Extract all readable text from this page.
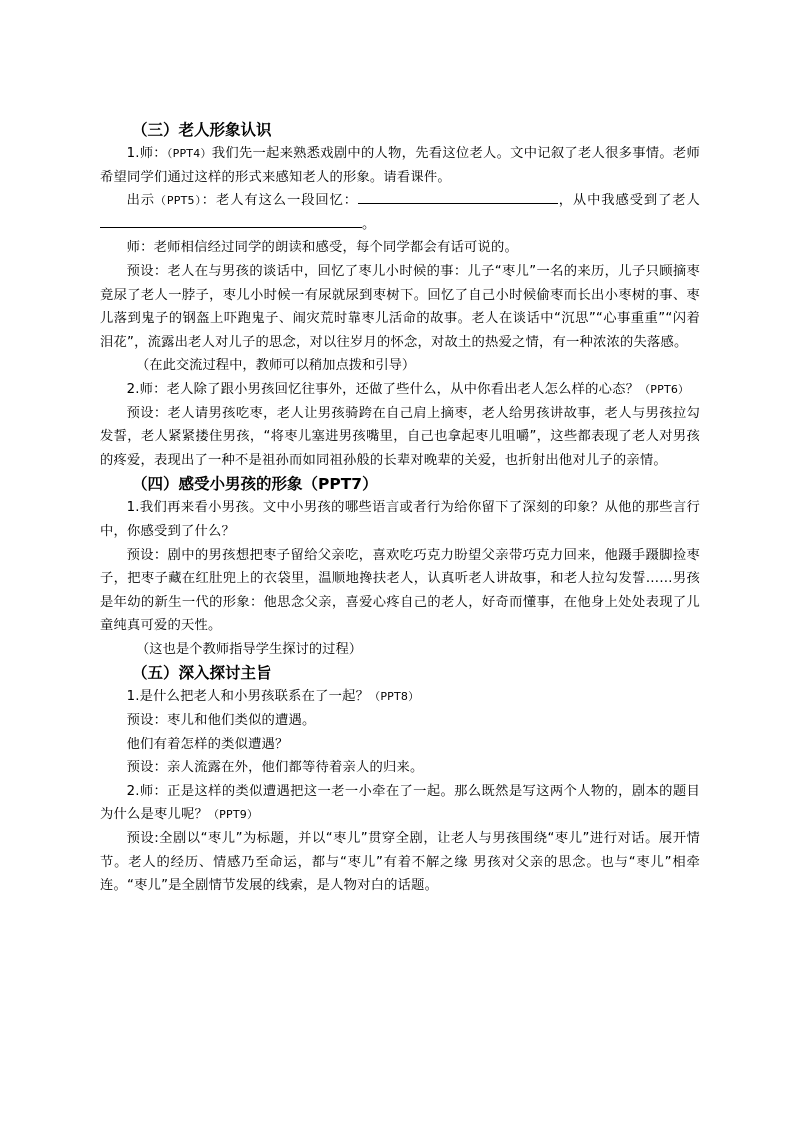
（三）老人形象认识

1.师：（PPT4）我们先一起来熟悉戏剧中的人物，先看这位老人。文中记叙了老人很多事情。老师希望同学们通过这样的形式来感知老人的形象。请看课件。

出示（PPT5）：老人有这么一段回忆：	，从中我感受到了老人。

师：老师相信经过同学的朗读和感受，每个同学都会有话可说的。

预设：老人在与男孩的谈话中，回忆了枣儿小时候的事：儿子“枣儿”一名的来历，儿子只顾摘枣竟尿了老人一脖子，枣儿小时候一有尿就尿到枣树下。回忆了自己小时候偷枣而长出小枣树的事、枣儿落到鬼子的钢盔上吓跑鬼子、闹灾荒时靠枣儿活命的故事。老人在谈话中“沉思”“心事重重”“闪着泪花”，流露出老人对儿子的思念，对以往岁月的怀念，对故土的热爱之情，有一种浓浓的失落感。

（在此交流过程中，教师可以稍加点拨和引导）

2.师：老人除了跟小男孩回忆往事外，还做了些什么，从中你看出老人怎么样的心态？（PPT6）

预设：老人请男孩吃枣，老人让男孩骑跨在自己肩上摘枣，老人给男孩讲故事，老人与男孩拉勾发誓，老人紧紧搂住男孩，“将枣儿塞进男孩嘴里，自己也拿起枣儿咀嚼”，这些都表现了老人对男孩的疼爱，表现出了一种不是祖孙而如同祖孙般的长辈对晚辈的关爱，也折射出他对儿子的亲情。

（四）感受小男孩的形象（PPT7）

1.我们再来看小男孩。文中小男孩的哪些语言或者行为给你留下了深刻的印象？从他的那些言行中，你感受到了什么？

预设：剧中的男孩想把枣子留给父亲吃，喜欢吃巧克力盼望父亲带巧克力回来，他蹑手蹑脚捡枣子，把枣子藏在红肚兜上的衣袋里，温顺地搀扶老人，认真听老人讲故事，和老人拉勾发誓……男孩是年幼的新生一代的形象：他思念父亲，喜爱心疼自己的老人，好奇而懂事，在他身上处处表现了儿童纯真可爱的天性。

（这也是个教师指导学生探讨的过程）

（五）深入探讨主旨

1.是什么把老人和小男孩联系在了一起？（PPT8）

预设：枣儿和他们类似的遭遇。

他们有着怎样的类似遭遇？

预设：亲人流露在外，他们都等待着亲人的归来。

2.师：正是这样的类似遭遇把这一老一小牵在了一起。那么既然是写这两个人物的，剧本的题目为什么是枣儿呢？（PPT9）

预设:全剧以“枣儿”为标题，并以“枣儿”贯穿全剧，让老人与男孩围绕“枣儿”进行对话。展开情节。老人的经历、情感乃至命运，都与“枣儿”有着不解之缘 男孩对父亲的思念。也与“枣儿”相牵连。“枣儿”是全剧情节发展的线索，是人物对白的话题。
